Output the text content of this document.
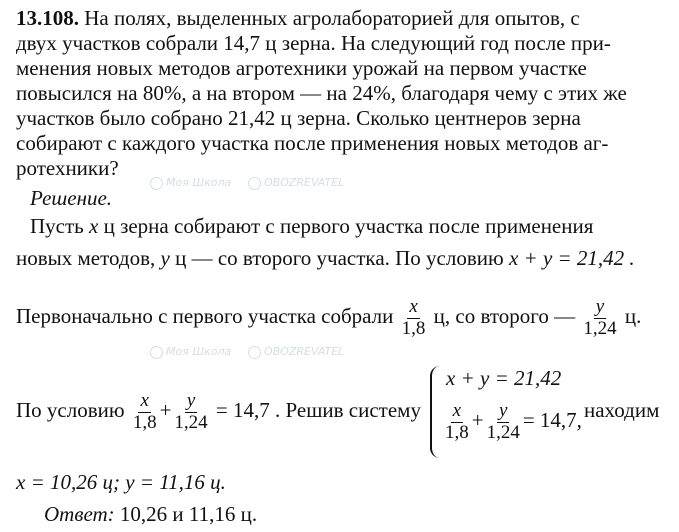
Моя Школа	OBOZREVATEL
Моя Школа	OBOZREVATEL
13.108. На полях, выделенных агролабораторией для опытов, с
двух участков собрали 14,7 ц зерна. На следующий год после при-
менения новых методов агротехники урожай на первом участке
повысился на 80%, а на втором — на 24%, благодаря чему с этих же
участков было собрано 21,42 ц зерна. Сколько центнеров зерна
собирают с каждого участка после применения новых методов аг-
ротехники?
Решение.
Пусть x ц зерна собирают с первого участка после применения
новых методов, y ц — со второго участка. По условию x + y = 21,42 .
Первоначально с первого участка собрали $\frac{x}{1,8} ц$, со второго — $\frac{y}{1,24} ц$.
По условию $\frac{x}{1,8} + \frac{y}{1,24} = 14,7$ . Решив систему
x + y = 21,42
$\frac{x}{1,8} + \frac{y}{1,24} = 14,7$, находим
x = 10,26 ц; y = 11,16 ц.
Ответ: 10,26 и 11,16 ц.
